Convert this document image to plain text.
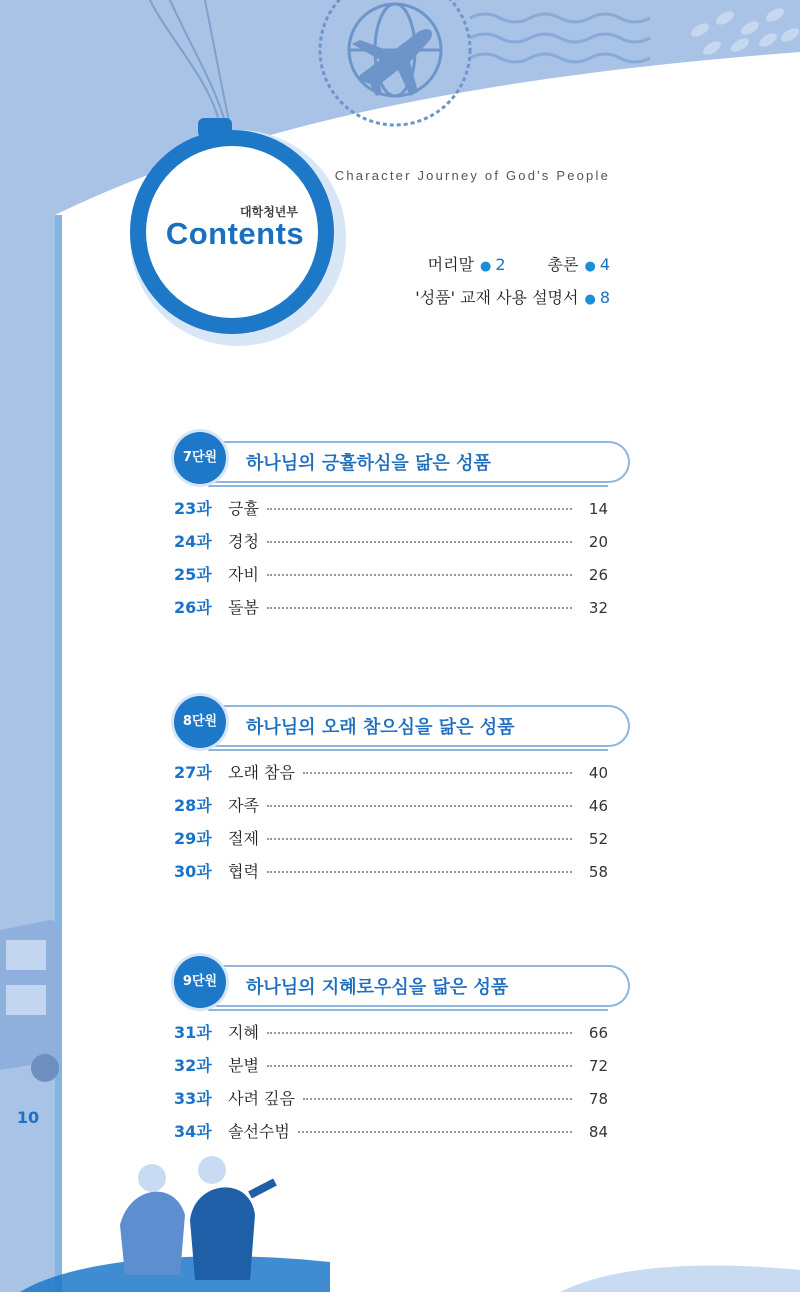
Character Journey of God's People
대학청년부
Contents
머리말 ● 2	총론 ● 4
'성품' 교재 사용 설명서 ● 8
7단원	하나님의 긍휼하심을 닮은 성품
23과	긍휼	14
24과	경청	20
25과	자비	26
26과	돌봄	32
8단원	하나님의 오래 참으심을 닮은 성품
27과	오래 참음	40
28과	자족	46
29과	절제	52
30과	협력	58
9단원	하나님의 지혜로우심을 닮은 성품
31과	지혜	66
32과	분별	72
33과	사려 깊음	78
34과	솔선수범	84
10
